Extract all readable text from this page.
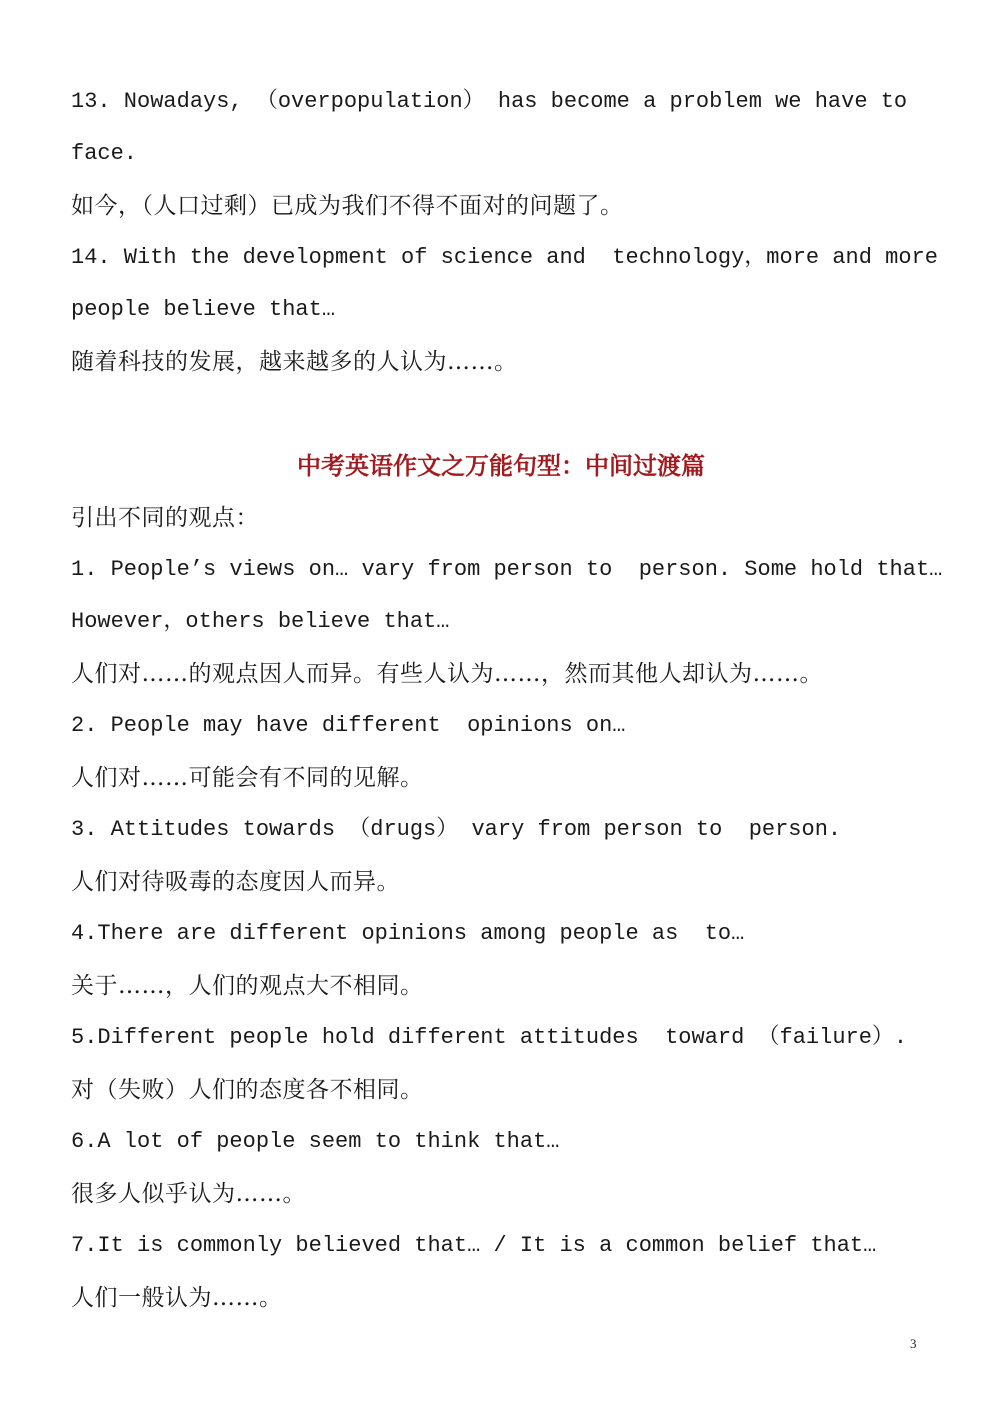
13. Nowadays, （overpopulation） has become a problem we have to
face.
如今，（人口过剩）已成为我们不得不面对的问题了。
14. With the development of science and  technology，more and more
people believe that…
随着科技的发展，越来越多的人认为……。
中考英语作文之万能句型：中间过渡篇
引出不同的观点：
1. People’s views on… vary from person to  person. Some hold that…
However，others believe that…
人们对……的观点因人而异。有些人认为……，然而其他人却认为……。
2. People may have different  opinions on…
人们对……可能会有不同的见解。
3. Attitudes towards （drugs） vary from person to  person.
人们对待吸毒的态度因人而异。
4.There are different opinions among people as  to…
关于……，人们的观点大不相同。
5.Different people hold different attitudes  toward （failure）.
对（失败）人们的态度各不相同。
6.A lot of people seem to think that…
很多人似乎认为……。
7.It is commonly believed that… / It is a common belief that…
人们一般认为……。
3
